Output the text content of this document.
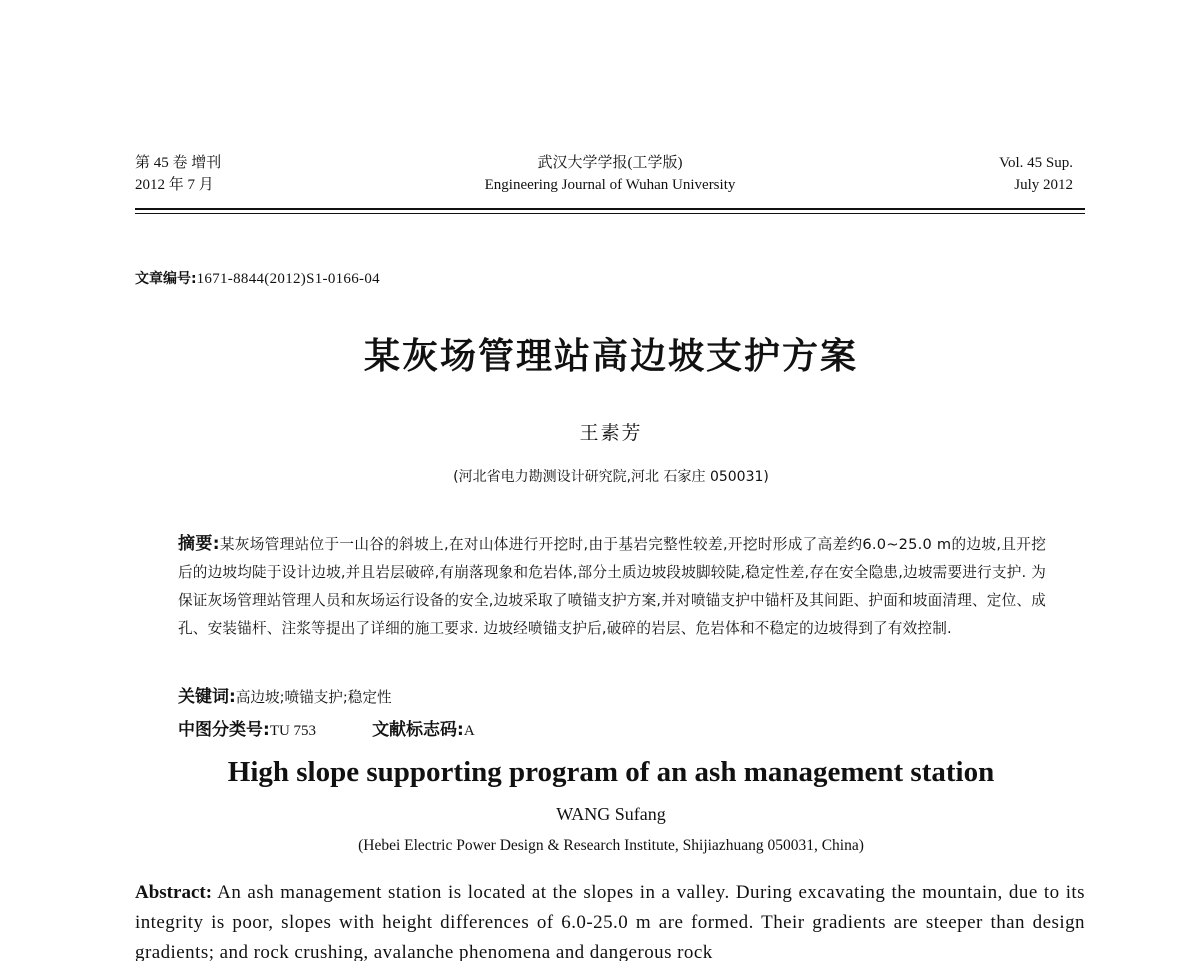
第 45 卷 增刊
2012 年 7 月
武汉大学学报(工学版)
Engineering Journal of Wuhan University
Vol. 45 Sup.
July 2012
文章编号:1671-8844(2012)S1-0166-04
某灰场管理站高边坡支护方案
王素芳
(河北省电力勘测设计研究院,河北 石家庄 050031)
摘要:某灰场管理站位于一山谷的斜坡上,在对山体进行开挖时,由于基岩完整性较差,开挖时形成了高差约6.0~25.0 m的边坡,且开挖后的边坡均陡于设计边坡,并且岩层破碎,有崩落现象和危岩体,部分土质边坡段坡脚较陡,稳定性差,存在安全隐患,边坡需要进行支护. 为保证灰场管理站管理人员和灰场运行设备的安全,边坡采取了喷锚支护方案,并对喷锚支护中锚杆及其间距、护面和坡面清理、定位、成孔、安装锚杆、注浆等提出了详细的施工要求. 边坡经喷锚支护后,破碎的岩层、危岩体和不稳定的边坡得到了有效控制.
关键词:高边坡;喷锚支护;稳定性
中图分类号:TU 753	文献标志码:A
High slope supporting program of an ash management station
WANG Sufang
(Hebei Electric Power Design & Research Institute, Shijiazhuang 050031, China)
Abstract: An ash management station is located at the slopes in a valley. During excavating the mountain, due to its integrity is poor, slopes with height differences of 6.0-25.0 m are formed. Their gradients are steeper than design gradients; and rock crushing, avalanche phenomena and dangerous rock
